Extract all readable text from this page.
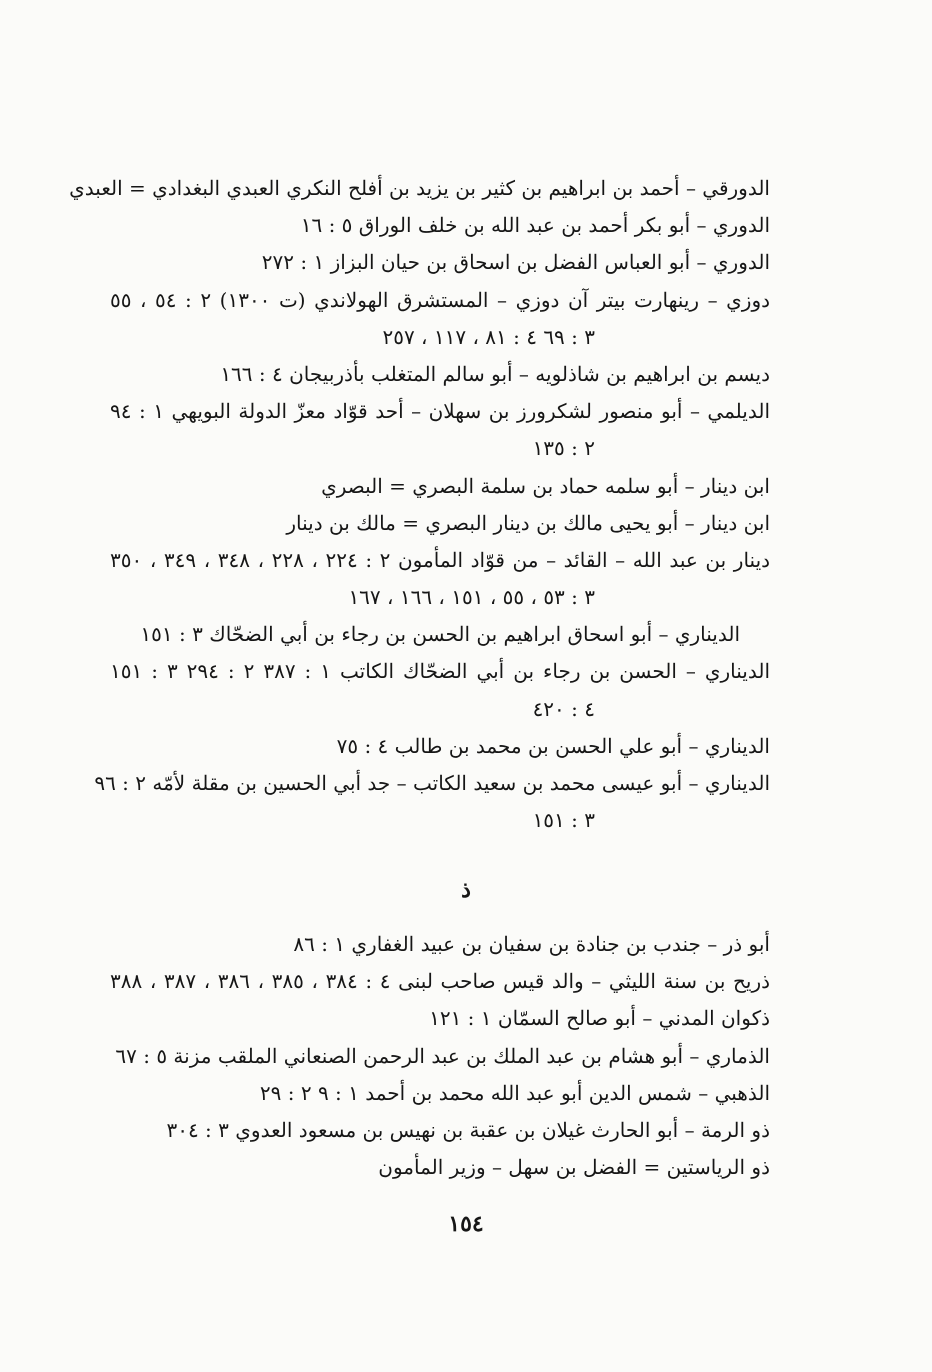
الدورقي – أحمد بن ابراهيم بن كثير بن يزيد بن أفلح النكري العبدي البغدادي = العبدي
الدوري – أبو بكر أحمد بن عبد الله بن خلف الوراق ٥ : ١٦
الدوري – أبو العباس الفضل بن اسحاق بن حيان البزاز ١ : ٢٧٢
دوزي – رينهارت بيتر آن دوزي – المستشرق الهولاندي (ت ١٣٠٠) ٢ : ٥٤ ، ٥٥
٣ : ٦٩ ٤ : ٨١ ، ١١٧ ، ٢٥٧
ديسم بن ابراهيم بن شاذلويه – أبو سالم المتغلب بأذربيجان ٤ : ١٦٦
الديلمي – أبو منصور لشكرورز بن سهلان – أحد قوّاد معزّ الدولة البويهي ١ : ٩٤
٢ : ١٣٥
ابن دينار – أبو سلمه حماد بن سلمة البصري = البصري
ابن دينار – أبو يحيى مالك بن دينار البصري = مالك بن دينار
دينار بن عبد الله – القائد – من قوّاد المأمون ٢ : ٢٢٤ ، ٢٢٨ ، ٣٤٨ ، ٣٤٩ ، ٣٥٠
٣ : ٥٣ ، ٥٥ ، ١٥١ ، ١٦٦ ، ١٦٧
الديناري – أبو اسحاق ابراهيم بن الحسن بن رجاء بن أبي الضحّاك ٣ : ١٥١
الديناري – الحسن بن رجاء بن أبي الضحّاك الكاتب ١ : ٣٨٧ ٢ : ٢٩٤ ٣ : ١٥١
٤ : ٤٢٠
الديناري – أبو علي الحسن بن محمد بن طالب ٤ : ٧٥
الديناري – أبو عيسى محمد بن سعيد الكاتب – جد أبي الحسين بن مقلة لأمّه ٢ : ٩٦
٣ : ١٥١
ذ
أبو ذر – جندب بن جنادة بن سفيان بن عبيد الغفاري ١ : ٨٦
ذريح بن سنة الليثي – والد قيس صاحب لبنى ٤ : ٣٨٤ ، ٣٨٥ ، ٣٨٦ ، ٣٨٧ ، ٣٨٨
ذكوان المدني – أبو صالح السمّان ١ : ١٢١
الذماري – أبو هشام بن عبد الملك بن عبد الرحمن الصنعاني الملقب مزنة ٥ : ٦٧
الذهبي – شمس الدين أبو عبد الله محمد بن أحمد ١ : ٩ ٢ : ٢٩
ذو الرمة – أبو الحارث غيلان بن عقبة بن نهيس بن مسعود العدوي ٣ : ٣٠٤
ذو الرياستين = الفضل بن سهل – وزير المأمون
١٥٤
